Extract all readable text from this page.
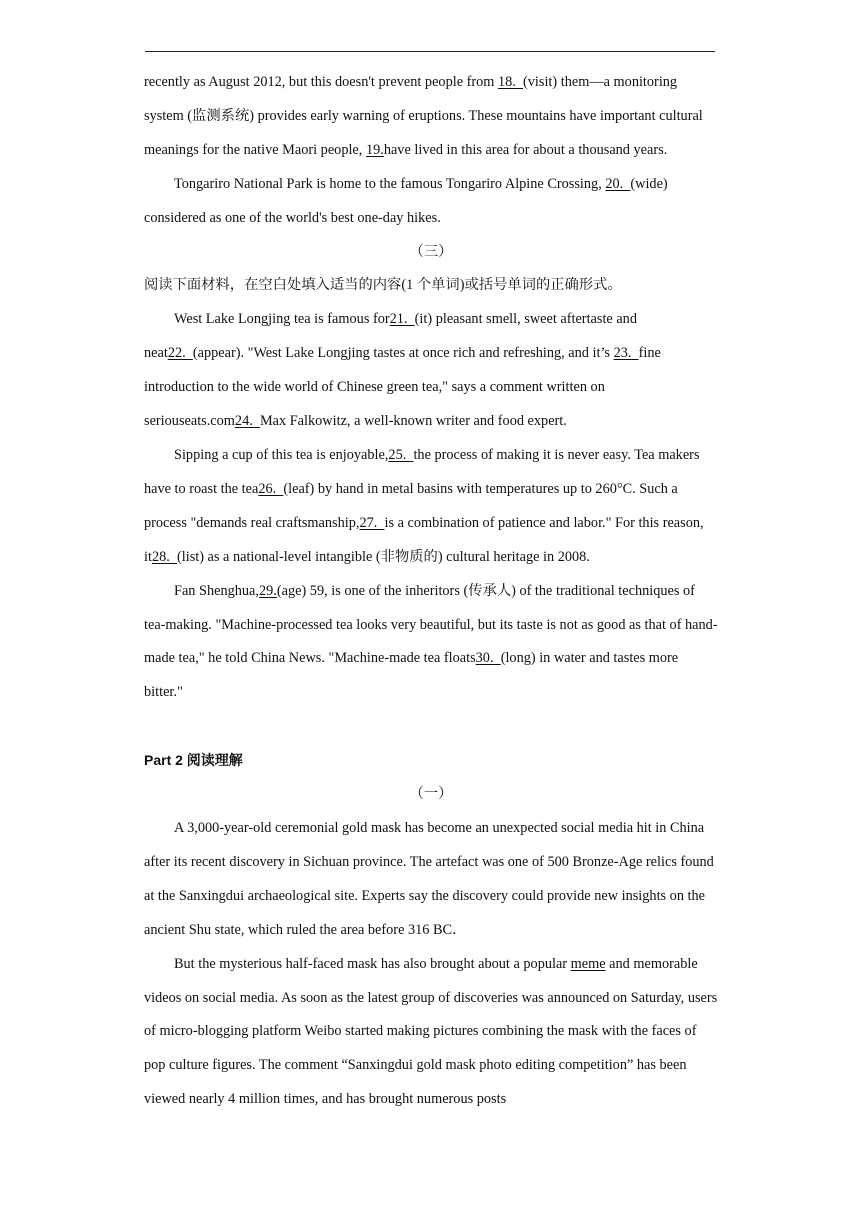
recently as August 2012, but this doesn't prevent people from 18.  (visit) them—a monitoring system (监测系统) provides early warning of eruptions. These mountains have important cultural meanings for the native Maori people, 19.have lived in this area for about a thousand years.

Tongariro National Park is home to the famous Tongariro Alpine Crossing, 20.  (wide) considered as one of the world's best one-day hikes.

（三）

阅读下面材料，在空白处填入适当的内容(1 个单词)或括号单词的正确形式。

West Lake Longjing tea is famous for21.  (it) pleasant smell, sweet aftertaste and neat22.  (appear). "West Lake Longjing tastes at once rich and refreshing, and it’s 23.  fine introduction to the wide world of Chinese green tea," says a comment written on seriouseats.com24.  Max Falkowitz, a well-known writer and food expert.

Sipping a cup of this tea is enjoyable,25.  the process of making it is never easy. Tea makers have to roast the tea26.  (leaf) by hand in metal basins with temperatures up to 260°C. Such a process "demands real craftsmanship,27.  is a combination of patience and labor." For this reason, it28.  (list) as a national-level intangible (非物质的) cultural heritage in 2008.

Fan Shenghua,29.(age) 59, is one of the inheritors (传承人) of the traditional techniques of tea-making. "Machine-processed tea looks very beautiful, but its taste is not as good as that of hand-made tea," he told China News. "Machine-made tea floats30.  (long) in water and tastes more bitter."

Part 2 阅读理解

（一）

A 3,000-year-old ceremonial gold mask has become an unexpected social media hit in China after its recent discovery in Sichuan province. The artefact was one of 500 Bronze-Age relics found at the Sanxingdui archaeological site. Experts say the discovery could provide new insights on the ancient Shu state, which ruled the area before 316 BC．

But the mysterious half-faced mask has also brought about a popular meme and memorable videos on social media. As soon as the latest group of discoveries was announced on Saturday, users of micro-blogging platform Weibo started making pictures combining the mask with the faces of pop culture figures. The comment “Sanxingdui gold mask photo editing competition” has been viewed nearly 4 million times, and has brought numerous posts
